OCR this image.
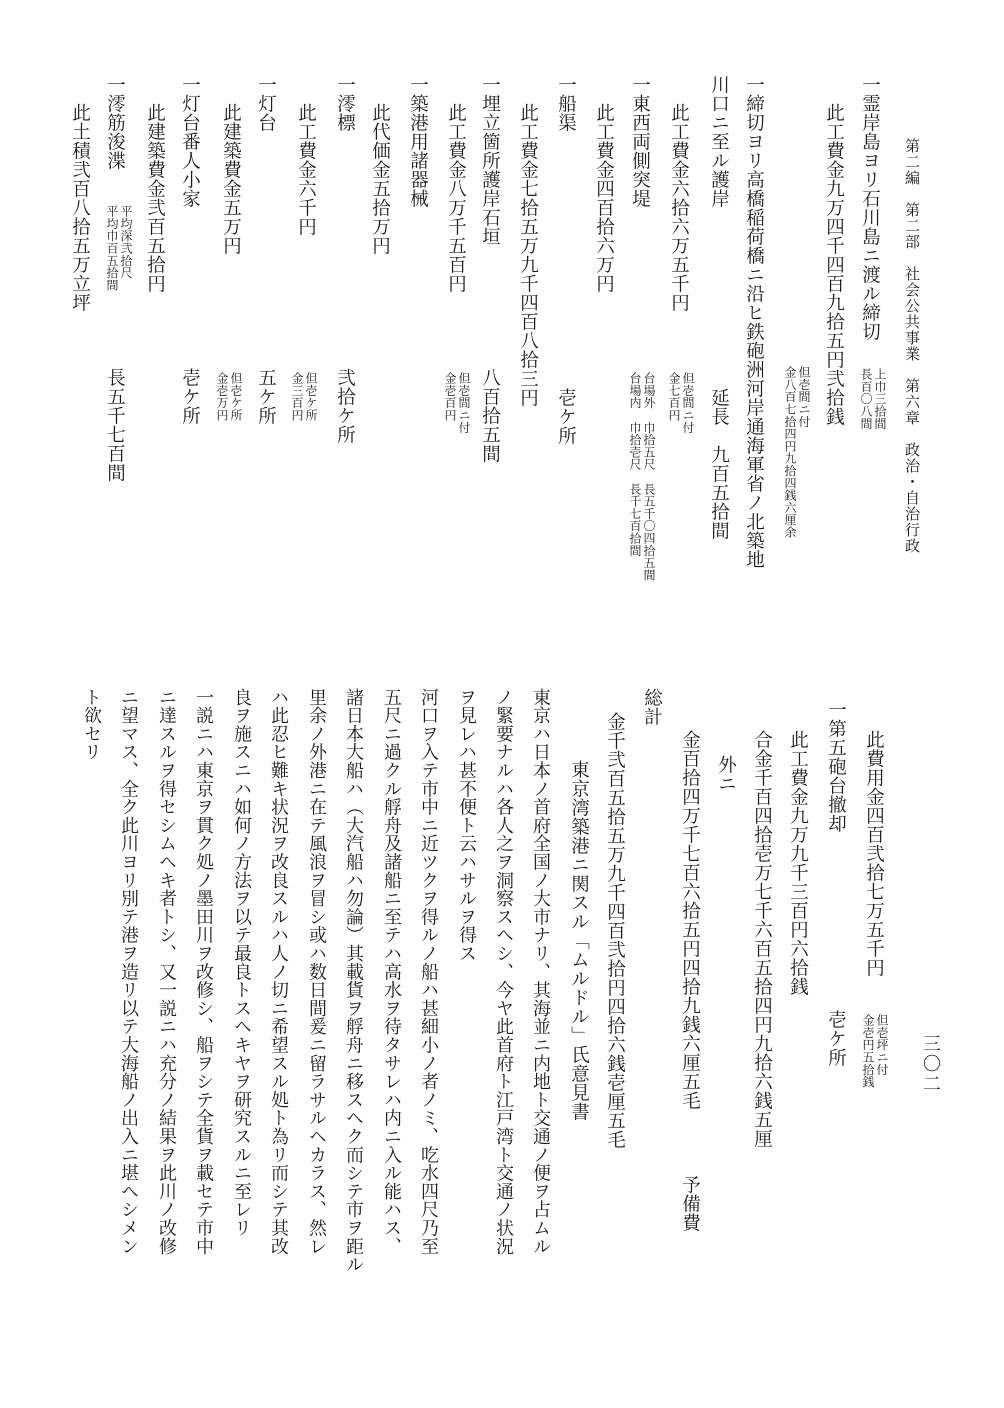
第二編　第二部　社会公共事業　第六章　政治・自治行政
三〇二
一霊岸島ヨリ石川島ニ渡ル締切
上巾三拾間
長百〇八間
此工費金九万四千四百九拾五円弐拾銭
但壱間ニ付
金八百七拾四円九拾四銭六厘余
一締切ヨリ高橋稲荷橋ニ沿ヒ鉄砲洲河岸通海軍省ノ北築地
川口ニ至ル護岸
延長　九百五拾間
此工費金六拾六万五千円
但壱間ニ付
金七百円
一東西両側突堤
台場外　巾拾五尺　長五千〇四拾五間
台場内　巾拾壱尺　長千七百拾間
此工費金四百拾六万円
一船渠
壱ケ所
此工費金七拾五万九千四百八拾三円
一埋立箇所護岸石垣
八百拾五間
此工費金八万千五百円
但壱間ニ付
金壱百円
一築港用諸器械
此代価金五拾万円
一澪標
弐拾ケ所
此工費金六千円
但壱ケ所
金三百円
一灯台
五ケ所
此建築費金五万円
但壱ケ所
金壱万円
一灯台番人小家
壱ケ所
此建築費金弐百五拾円
一澪筋浚渫
平均深弐拾尺
平均巾百五拾間
長五千七百間
此土積弐百八拾五万立坪
此費用金四百弐拾七万五千円
但壱坪ニ付
金壱円五拾銭
一第五砲台撤却
壱ケ所
此工費金九万九千三百円六拾銭
合金千百四拾壱万七千六百五拾四円九拾六銭五厘
外ニ
金百拾四万千七百六拾五円四拾九銭六厘五毛
予備費
総計
金千弐百五拾五万九千四百弐拾円四拾六銭壱厘五毛
東京湾築港ニ関スル「ムルドル」氏意見書
東京ハ日本ノ首府全国ノ大市ナリ、其海並ニ内地ト交通ノ便ヲ占ムル
ノ緊要ナルハ各人之ヲ洞察スヘシ、今ヤ此首府ト江戸湾ト交通ノ状況
ヲ見レハ甚不便ト云ハサルヲ得ス
河口ヲ入テ市中ニ近ツクヲ得ルノ船ハ甚細小ノ者ノミ、吃水四尺乃至
五尺ニ過クル艀舟及諸船ニ至テハ高水ヲ待タサレハ内ニ入ル能ハス、
諸日本大船ハ（大汽船ハ勿論）其載貨ヲ艀舟ニ移スヘク而シテ市ヲ距ル
里余ノ外港ニ在テ風浪ヲ冒シ或ハ数日間爰ニ留ラサルヘカラス、然レ
ハ此忍ヒ難キ状況ヲ改良スルハ人ノ切ニ希望スル処ト為リ而シテ其改
良ヲ施スニハ如何ノ方法ヲ以テ最良トスヘキヤヲ研究スルニ至レリ
一説ニハ東京ヲ貫ク処ノ墨田川ヲ改修シ、船ヲシテ全貨ヲ載セテ市中
ニ達スルヲ得セシムヘキ者トシ、又一説ニハ充分ノ結果ヲ此川ノ改修
ニ望マス、全ク此川ヨリ別テ港ヲ造リ以テ大海船ノ出入ニ堪ヘシメン
ト欲セリ
